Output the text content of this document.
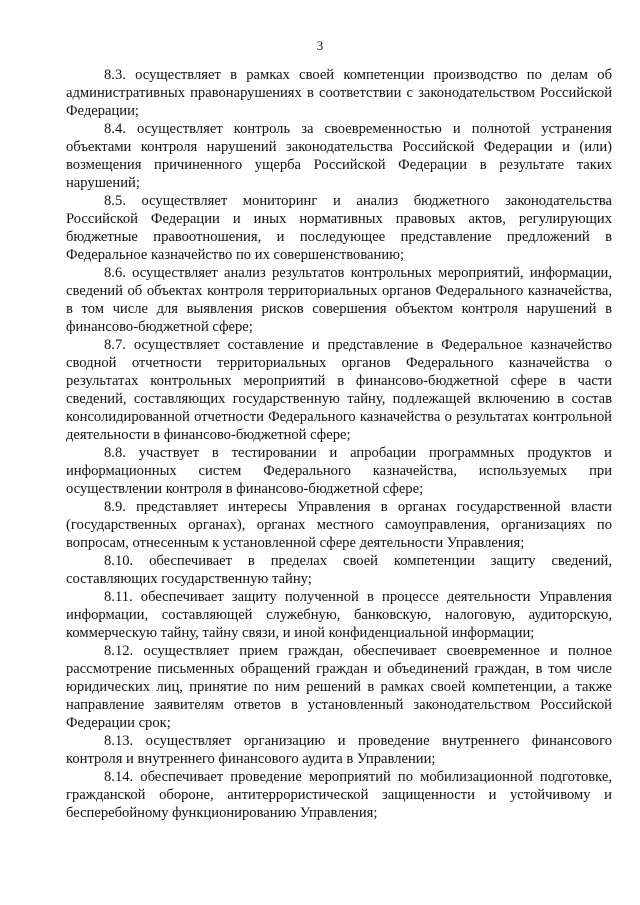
3

8.3. осуществляет в рамках своей компетенции производство по делам об административных правонарушениях в соответствии с законодательством Российской Федерации;

8.4. осуществляет контроль за своевременностью и полнотой устранения объектами контроля нарушений законодательства Российской Федерации и (или) возмещения причиненного ущерба Российской Федерации в результате таких нарушений;

8.5. осуществляет мониторинг и анализ бюджетного законодательства Российской Федерации и иных нормативных правовых актов, регулирующих бюджетные правоотношения, и последующее представление предложений в Федеральное казначейство по их совершенствованию;

8.6. осуществляет анализ результатов контрольных мероприятий, информации, сведений об объектах контроля территориальных органов Федерального казначейства, в том числе для выявления рисков совершения объектом контроля нарушений в финансово-бюджетной сфере;

8.7. осуществляет составление и представление в Федеральное казначейство сводной отчетности территориальных органов Федерального казначейства о результатах контрольных мероприятий в финансово-бюджетной сфере в части сведений, составляющих государственную тайну, подлежащей включению в состав консолидированной отчетности Федерального казначейства о результатах контрольной деятельности в финансово-бюджетной сфере;

8.8. участвует в тестировании и апробации программных продуктов и информационных систем Федерального казначейства, используемых при осуществлении контроля в финансово-бюджетной сфере;

8.9. представляет интересы Управления в органах государственной власти (государственных органах), органах местного самоуправления, организациях по вопросам, отнесенным к установленной сфере деятельности Управления;

8.10. обеспечивает в пределах своей компетенции защиту сведений, составляющих государственную тайну;

8.11. обеспечивает защиту полученной в процессе деятельности Управления информации, составляющей служебную, банковскую, налоговую, аудиторскую, коммерческую тайну, тайну связи, и иной конфиденциальной информации;

8.12. осуществляет прием граждан, обеспечивает своевременное и полное рассмотрение письменных обращений граждан и объединений граждан, в том числе юридических лиц, принятие по ним решений в рамках своей компетенции, а также направление заявителям ответов в установленный законодательством Российской Федерации срок;

8.13. осуществляет организацию и проведение внутреннего финансового контроля и внутреннего финансового аудита в Управлении;

8.14. обеспечивает проведение мероприятий по мобилизационной подготовке, гражданской обороне, антитеррористической защищенности и устойчивому и бесперебойному функционированию Управления;
